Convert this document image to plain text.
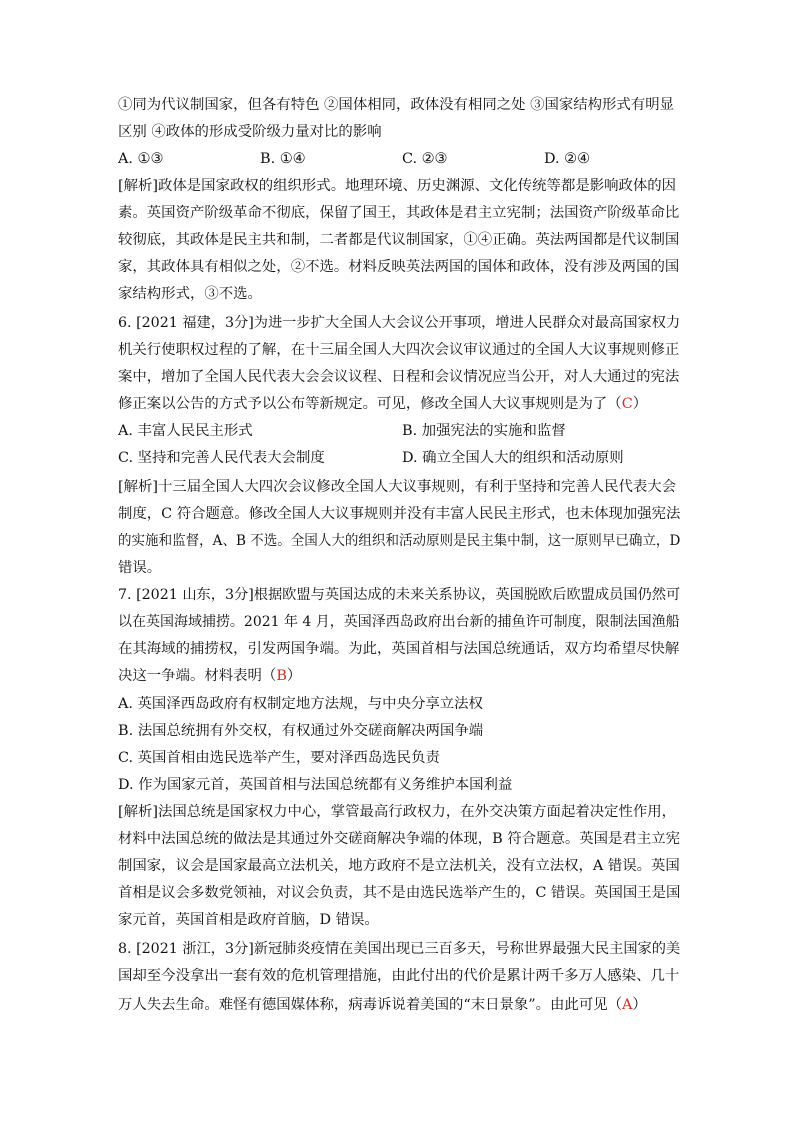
①同为代议制国家，但各有特色 ②国体相同，政体没有相同之处 ③国家结构形式有明显
区别 ④政体的形成受阶级力量对比的影响
A. ①③	B. ①④	C. ②③	D. ②④
[解析]政体是国家政权的组织形式。地理环境、历史渊源、文化传统等都是影响政体的因
素。英国资产阶级革命不彻底，保留了国王，其政体是君主立宪制；法国资产阶级革命比
较彻底，其政体是民主共和制，二者都是代议制国家，①④正确。英法两国都是代议制国
家，其政体具有相似之处，②不选。材料反映英法两国的国体和政体，没有涉及两国的国
家结构形式，③不选。
6. [2021 福建，3分]为进一步扩大全国人大会议公开事项，增进人民群众对最高国家权力
机关行使职权过程的了解，在十三届全国人大四次会议审议通过的全国人大议事规则修正
案中，增加了全国人民代表大会会议议程、日程和会议情况应当公开，对人大通过的宪法
修正案以公告的方式予以公布等新规定。可见，修改全国人大议事规则是为了（C）
A. 丰富人民民主形式	B. 加强宪法的实施和监督
C. 坚持和完善人民代表大会制度	D. 确立全国人大的组织和活动原则
[解析]十三届全国人大四次会议修改全国人大议事规则，有利于坚持和完善人民代表大会
制度，C 符合题意。修改全国人大议事规则并没有丰富人民民主形式，也未体现加强宪法
的实施和监督，A、B 不选。全国人大的组织和活动原则是民主集中制，这一原则早已确立，D
错误。
7. [2021 山东，3分]根据欧盟与英国达成的未来关系协议，英国脱欧后欧盟成员国仍然可
以在英国海域捕捞。2021 年 4 月，英国泽西岛政府出台新的捕鱼许可制度，限制法国渔船
在其海域的捕捞权，引发两国争端。为此，英国首相与法国总统通话，双方均希望尽快解
决这一争端。材料表明（B）
A. 英国泽西岛政府有权制定地方法规，与中央分享立法权
B. 法国总统拥有外交权，有权通过外交磋商解决两国争端
C. 英国首相由选民选举产生，要对泽西岛选民负责
D. 作为国家元首，英国首相与法国总统都有义务维护本国利益
[解析]法国总统是国家权力中心，掌管最高行政权力，在外交决策方面起着决定性作用，
材料中法国总统的做法是其通过外交磋商解决争端的体现，B 符合题意。英国是君主立宪
制国家，议会是国家最高立法机关，地方政府不是立法机关，没有立法权，A 错误。英国
首相是议会多数党领袖，对议会负责，其不是由选民选举产生的，C 错误。英国国王是国
家元首，英国首相是政府首脑，D 错误。
8. [2021 浙江，3分]新冠肺炎疫情在美国出现已三百多天，号称世界最强大民主国家的美
国却至今没拿出一套有效的危机管理措施，由此付出的代价是累计两千多万人感染、几十
万人失去生命。难怪有德国媒体称，病毒诉说着美国的“末日景象”。由此可见（A）
